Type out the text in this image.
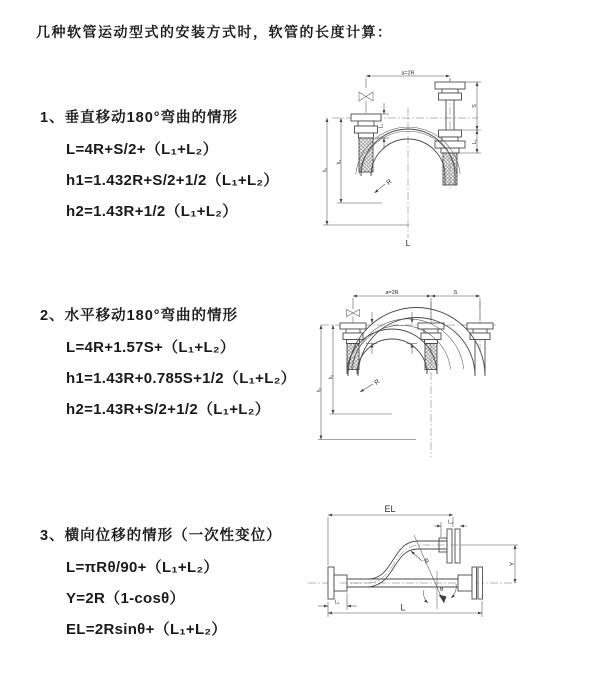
几种软管运动型式的安装方式时，软管的长度计算：
1、垂直移动180°弯曲的情形
L=4R+S/2+（L₁+L₂）
h1=1.432R+S/2+1/2（L₁+L₂）
h2=1.43R+1/2（L₁+L₂）
2、水平移动180°弯曲的情形
L=4R+1.57S+（L₁+L₂）
h1=1.43R+0.785S+1/2（L₁+L₂）
h2=1.43R+S/2+1/2（L₁+L₂）
3、横向位移的情形（一次性变位）
L=πRθ/90+（L₁+L₂）
Y=2R（1-cosθ）
EL=2Rsinθ+（L₁+L₂）
a=2R
L₁
S
L₂
h₁
h₂
R
L
a=2R	S
h₁
h₂
R
EL
L₂
Y
θ
R
L₁	L
